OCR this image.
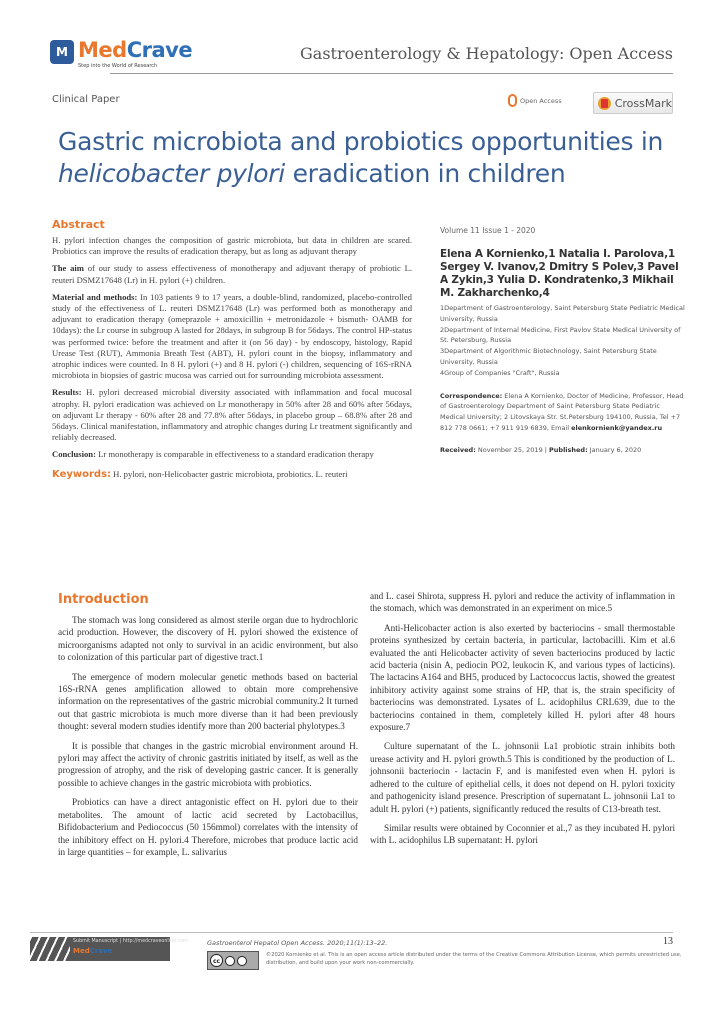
M MedCrave
Step into the World of Research
Gastroenterology & Hepatology: Open Access
Clinical Paper	Open Access	CrossMark
Gastric microbiota and probiotics opportunities in
helicobacter pylori eradication in children
Abstract

H. pylori infection changes the composition of gastric microbiota, but data in children are scared. Probiotics can improve the results of eradication therapy, but as long as adjuvant therapy

The aim of our study to assess effectiveness of monotherapy and adjuvant therapy of probiotic L. reuteri DSMZ17648 (Lr) in H. pylori (+) children.

Material and methods: In 103 patients 9 to 17 years, a double-blind, randomized, placebo-controlled study of the effectiveness of L. reuteri DSMZ17648 (Lr) was performed both as monotherapy and adjuvant to eradication therapy (omeprazole + amoxicillin + metronidazole + bismuth- OAMB for 10days): the Lr course in subgroup A lasted for 28days, in subgroup B for 56days. The control HP-status was performed twice: before the treatment and after it (on 56 day) - by endoscopy, histology, Rapid Urease Test (RUT), Ammonia Breath Test (ABT), H. pylori count in the biopsy, inflammatory and atrophic indices were counted. In 8 H. pylori (+) and 8 H. pylori (-) children, sequencing of 16S-rRNA microbiota in biopsies of gastric mucosa was carried out for surrounding microbiota assessment.

Results: H. pylori decreased microbial diversity associated with inflammation and focal mucosal atrophy. H. pylori eradication was achieved on Lr monotherapy in 50% after 28 and 60% after 56days, on adjuvant Lr therapy - 60% after 28 and 77.8% after 56days, in placebo group – 68.8% after 28 and 56days. Clinical manifestation, inflammatory and atrophic changes during Lr treatment significantly and reliably decreased.

Conclusion: Lr monotherapy is comparable in effectiveness to a standard eradication therapy

Keywords: H. pylori, non-Helicobacter gastric microbiota, probiotics. L. reuteri

Volume 11 Issue 1 - 2020
Elena A Kornienko,1 Natalia I. Parolova,1 Sergey V. Ivanov,2 Dmitry S Polev,3 Pavel A Zykin,3 Yulia D. Kondratenko,3 Mikhail M. Zakharchenko,4
1Department of Gastroenterology, Saint Petersburg State Pediatric Medical University, Russia
2Department of Internal Medicine, First Pavlov State Medical University of St. Petersburg, Russia
3Department of Algorithmic Biotechnology, Saint Petersburg State University, Russia
4Group of Companies "Craft", Russia
Correspondence: Elena A Kornienko, Doctor of Medicine, Professor, Head of Gastroenterology Department of Saint Petersburg State Pediatric Medical University; 2 Litovskaya Str. St.Petersburg 194100, Russia, Tel +7 812 778 0661; +7 911 919 6839, Email elenkornienk@yandex.ru
Received: November 25, 2019 | Published: January 6, 2020
Introduction

The stomach was long considered as almost sterile organ due to hydrochloric acid production. However, the discovery of H. pylori showed the existence of microorganisms adapted not only to survival in an acidic environment, but also to colonization of this particular part of digestive tract.1

The emergence of modern molecular genetic methods based on bacterial 16S-rRNA genes amplification allowed to obtain more comprehensive information on the representatives of the gastric microbial community.2 It turned out that gastric microbiota is much more diverse than it had been previously thought: several modern studies identify more than 200 bacterial phylotypes.3

It is possible that changes in the gastric microbial environment around H. pylori may affect the activity of chronic gastritis initiated by itself, as well as the progression of atrophy, and the risk of developing gastric cancer. It is generally possible to achieve changes in the gastric microbiota with probiotics.

Probiotics can have a direct antagonistic effect on H. pylori due to their metabolites. The amount of lactic acid secreted by Lactobacillus, Bifidobacterium and Pediococcus (50 156mmol) correlates with the intensity of the inhibitory effect on H. pylori.4 Therefore, microbes that produce lactic acid in large quantities – for example, L. salivarius

and L. casei Shirota, suppress H. pylori and reduce the activity of inflammation in the stomach, which was demonstrated in an experiment on mice.5

Anti-Helicobacter action is also exerted by bacteriocins - small thermostable proteins synthesized by certain bacteria, in particular, lactobacilli. Kim et al.6 evaluated the anti Helicobacter activity of seven bacteriocins produced by lactic acid bacteria (nisin A, pediocin PO2, leukocin K, and various types of lacticins). The lactacins A164 and BH5, produced by Lactococcus lactis, showed the greatest inhibitory activity against some strains of HP, that is, the strain specificity of bacteriocins was demonstrated. Lysates of L. acidophilus CRL639, due to the bacteriocins contained in them, completely killed H. pylori after 48 hours exposure.7

Culture supernatant of the L. johnsonii La1 probiotic strain inhibits both urease activity and H. pylori growth.5 This is conditioned by the production of L. johnsonii bacteriocin - lactacin F, and is manifested even when H. pylori is adhered to the culture of epithelial cells, it does not depend on H. pylori toxicity and pathogenicity island presence. Prescription of supernatant L. johnsonii La1 to adult H. pylori (+) patients, significantly reduced the results of C13-breath test.

Similar results were obtained by Coconnier et al.,7 as they incubated H. pylori with L. acidophilus LB supernatant: H. pylori

Submit Manuscript | http://medcraveonline.com
MedCrave
Gastroenterol Hepatol Open Access. 2020;11(1):13–22.	13
cc
©2020 Kornienko et al. This is an open access article distributed under the terms of the Creative Commons Attribution License, which permits unrestricted use, distribution, and build upon your work non-commercially.
